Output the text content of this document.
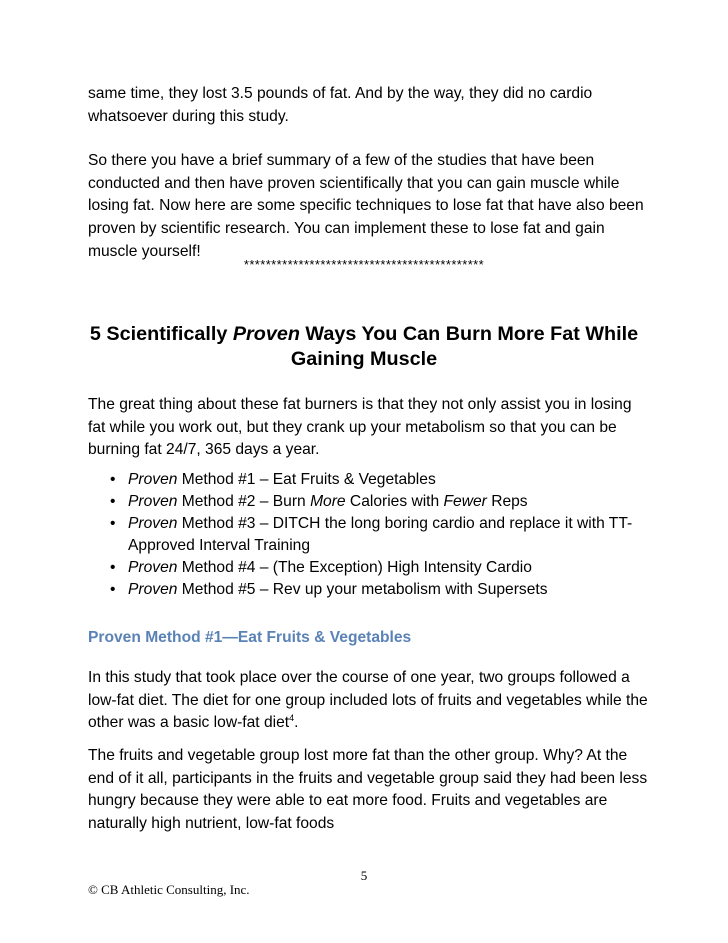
same time, they lost 3.5 pounds of fat. And by the way, they did no cardio whatsoever during this study.
So there you have a brief summary of a few of the studies that have been conducted and then have proven scientifically that you can gain muscle while losing fat. Now here are some specific techniques to lose fat that have also been proven by scientific research. You can implement these to lose fat and gain muscle yourself!
********************************************
5 Scientifically Proven Ways You Can Burn More Fat While Gaining Muscle
The great thing about these fat burners is that they not only assist you in losing fat while you work out, but they crank up your metabolism so that you can be burning fat 24/7, 365 days a year.
• Proven Method #1 – Eat Fruits & Vegetables
• Proven Method #2 – Burn More Calories with Fewer Reps
• Proven Method #3 – DITCH the long boring cardio and replace it with TT-Approved Interval Training
• Proven Method #4 – (The Exception) High Intensity Cardio
• Proven Method #5 – Rev up your metabolism with Supersets
Proven Method #1—Eat Fruits & Vegetables
In this study that took place over the course of one year, two groups followed a low-fat diet. The diet for one group included lots of fruits and vegetables while the other was a basic low-fat diet$^4$.
The fruits and vegetable group lost more fat than the other group. Why? At the end of it all, participants in the fruits and vegetable group said they had been less hungry because they were able to eat more food. Fruits and vegetables are naturally high nutrient, low-fat foods
5
© CB Athletic Consulting, Inc.
